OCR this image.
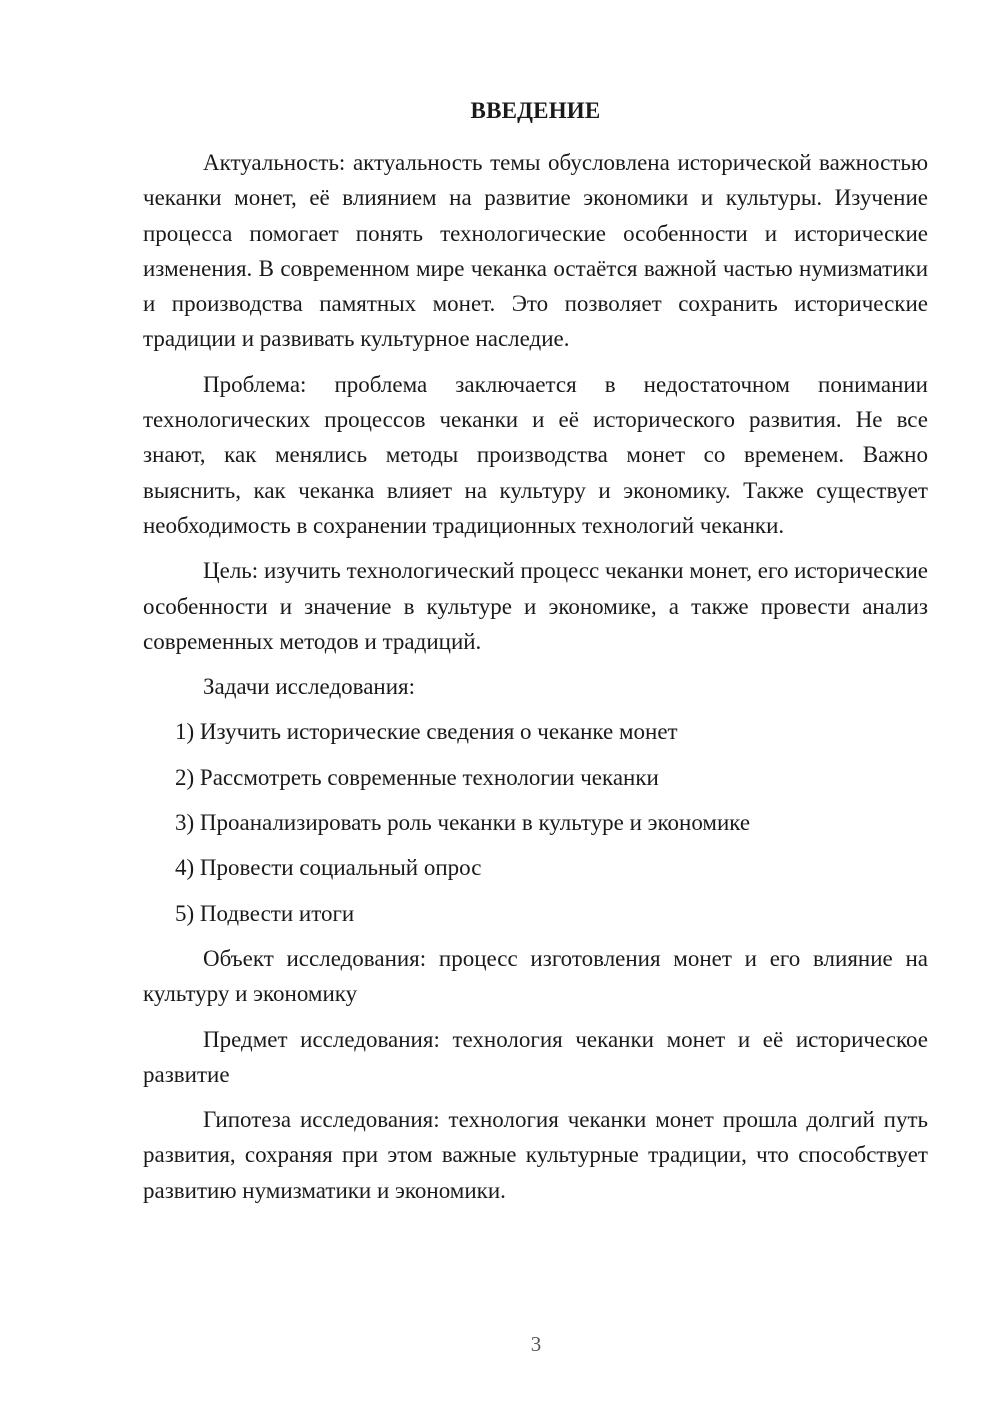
ВВЕДЕНИЕ

Актуальность: актуальность темы обусловлена исторической важностью чеканки монет, её влиянием на развитие экономики и культуры. Изучение процесса помогает понять технологические особенности и исторические изменения. В современном мире чеканка остаётся важной частью нумизматики и производства памятных монет. Это позволяет сохранить исторические традиции и развивать культурное наследие.

Проблема: проблема заключается в недостаточном понимании технологических процессов чеканки и её исторического развития. Не все знают, как менялись методы производства монет со временем. Важно выяснить, как чеканка влияет на культуру и экономику. Также существует необходимость в сохранении традиционных технологий чеканки.

Цель: изучить технологический процесс чеканки монет, его исторические особенности и значение в культуре и экономике, а также провести анализ современных методов и традиций.

Задачи исследования:

1) Изучить исторические сведения о чеканке монет
2) Рассмотреть современные технологии чеканки
3) Проанализировать роль чеканки в культуре и экономике
4) Провести социальный опрос
5) Подвести итоги

Объект исследования: процесс изготовления монет и его влияние на культуру и экономику

Предмет исследования: технология чеканки монет и её историческое развитие

Гипотеза исследования: технология чеканки монет прошла долгий путь развития, сохраняя при этом важные культурные традиции, что способствует развитию нумизматики и экономики.

3
